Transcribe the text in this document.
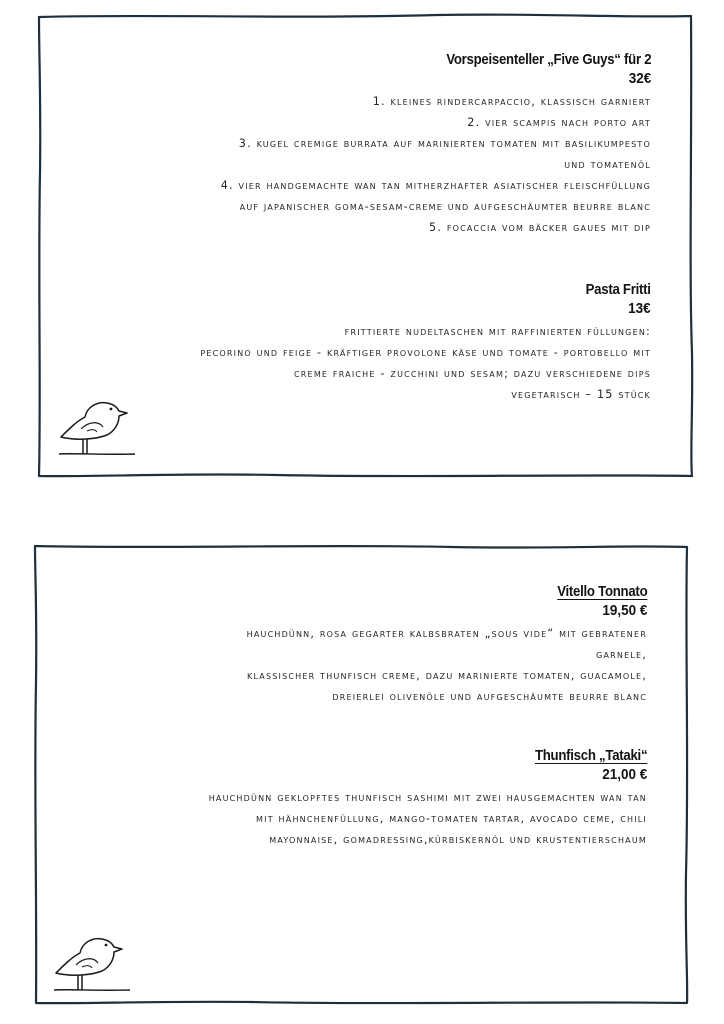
Vorspeisenteller „Five Guys“ für 2
32€
1. kleines rindercarpaccio, klassisch garniert
2. vier scampis nach porto art
3. kugel cremige burrata auf marinierten tomaten mit basilikumpesto
und tomatenöl
4. vier handgemachte wan tan mitherzhafter asiatischer fleischfüllung
auf japanischer goma-sesam-creme und aufgeschäumter beurre blanc
5. focaccia vom bäcker gaues mit dip
Pasta Fritti
13€
frittierte nudeltaschen mit raffinierten füllungen:
pecorino und feige - kräftiger provolone käse und tomate - portobello mit
creme fraiche - zucchini und sesam; dazu verschiedene dips
vegetarisch – 15 stück
Vitello Tonnato
19,50 €
hauchdünn, rosa gegarter kalbsbraten „sous vide“ mit gebratener
garnele,
klassischer thunfisch creme, dazu marinierte tomaten, guacamole,
dreierlei olivenöle und aufgeschäumte beurre blanc
Thunfisch „Tataki“
21,00 €
hauchdünn geklopftes thunfisch sashimi mit zwei hausgemachten wan tan
mit hähnchenfüllung, mango-tomaten tartar, avocado ceme, chili
mayonnaise, gomadressing,kürbiskernöl und krustentierschaum
